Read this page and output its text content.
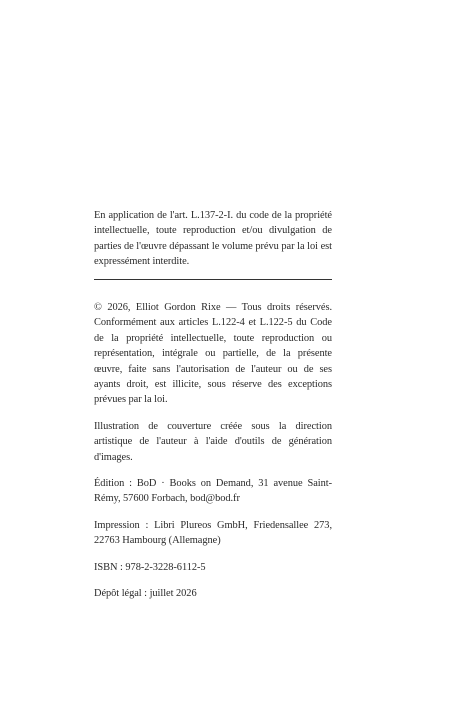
En application de l'art. L.137-2-I. du code de la propriété intellectuelle, toute reproduction et/ou divulgation de parties de l'œuvre dépassant le volume prévu par la loi est expressément interdite.

© 2026, Elliot Gordon Rixe — Tous droits réservés. Conformément aux articles L.122-4 et L.122-5 du Code de la propriété intellectuelle, toute reproduction ou représentation, intégrale ou partielle, de la présente œuvre, faite sans l'autorisation de l'auteur ou de ses ayants droit, est illicite, sous réserve des exceptions prévues par la loi.

Illustration de couverture créée sous la direction artistique de l'auteur à l'aide d'outils de génération d'images.

Édition : BoD · Books on Demand, 31 avenue Saint-Rémy, 57600 Forbach, bod@bod.fr

Impression : Libri Plureos GmbH, Friedensallee 273, 22763 Hambourg (Allemagne)

ISBN : 978-2-3228-6112-5

Dépôt légal : juillet 2026
